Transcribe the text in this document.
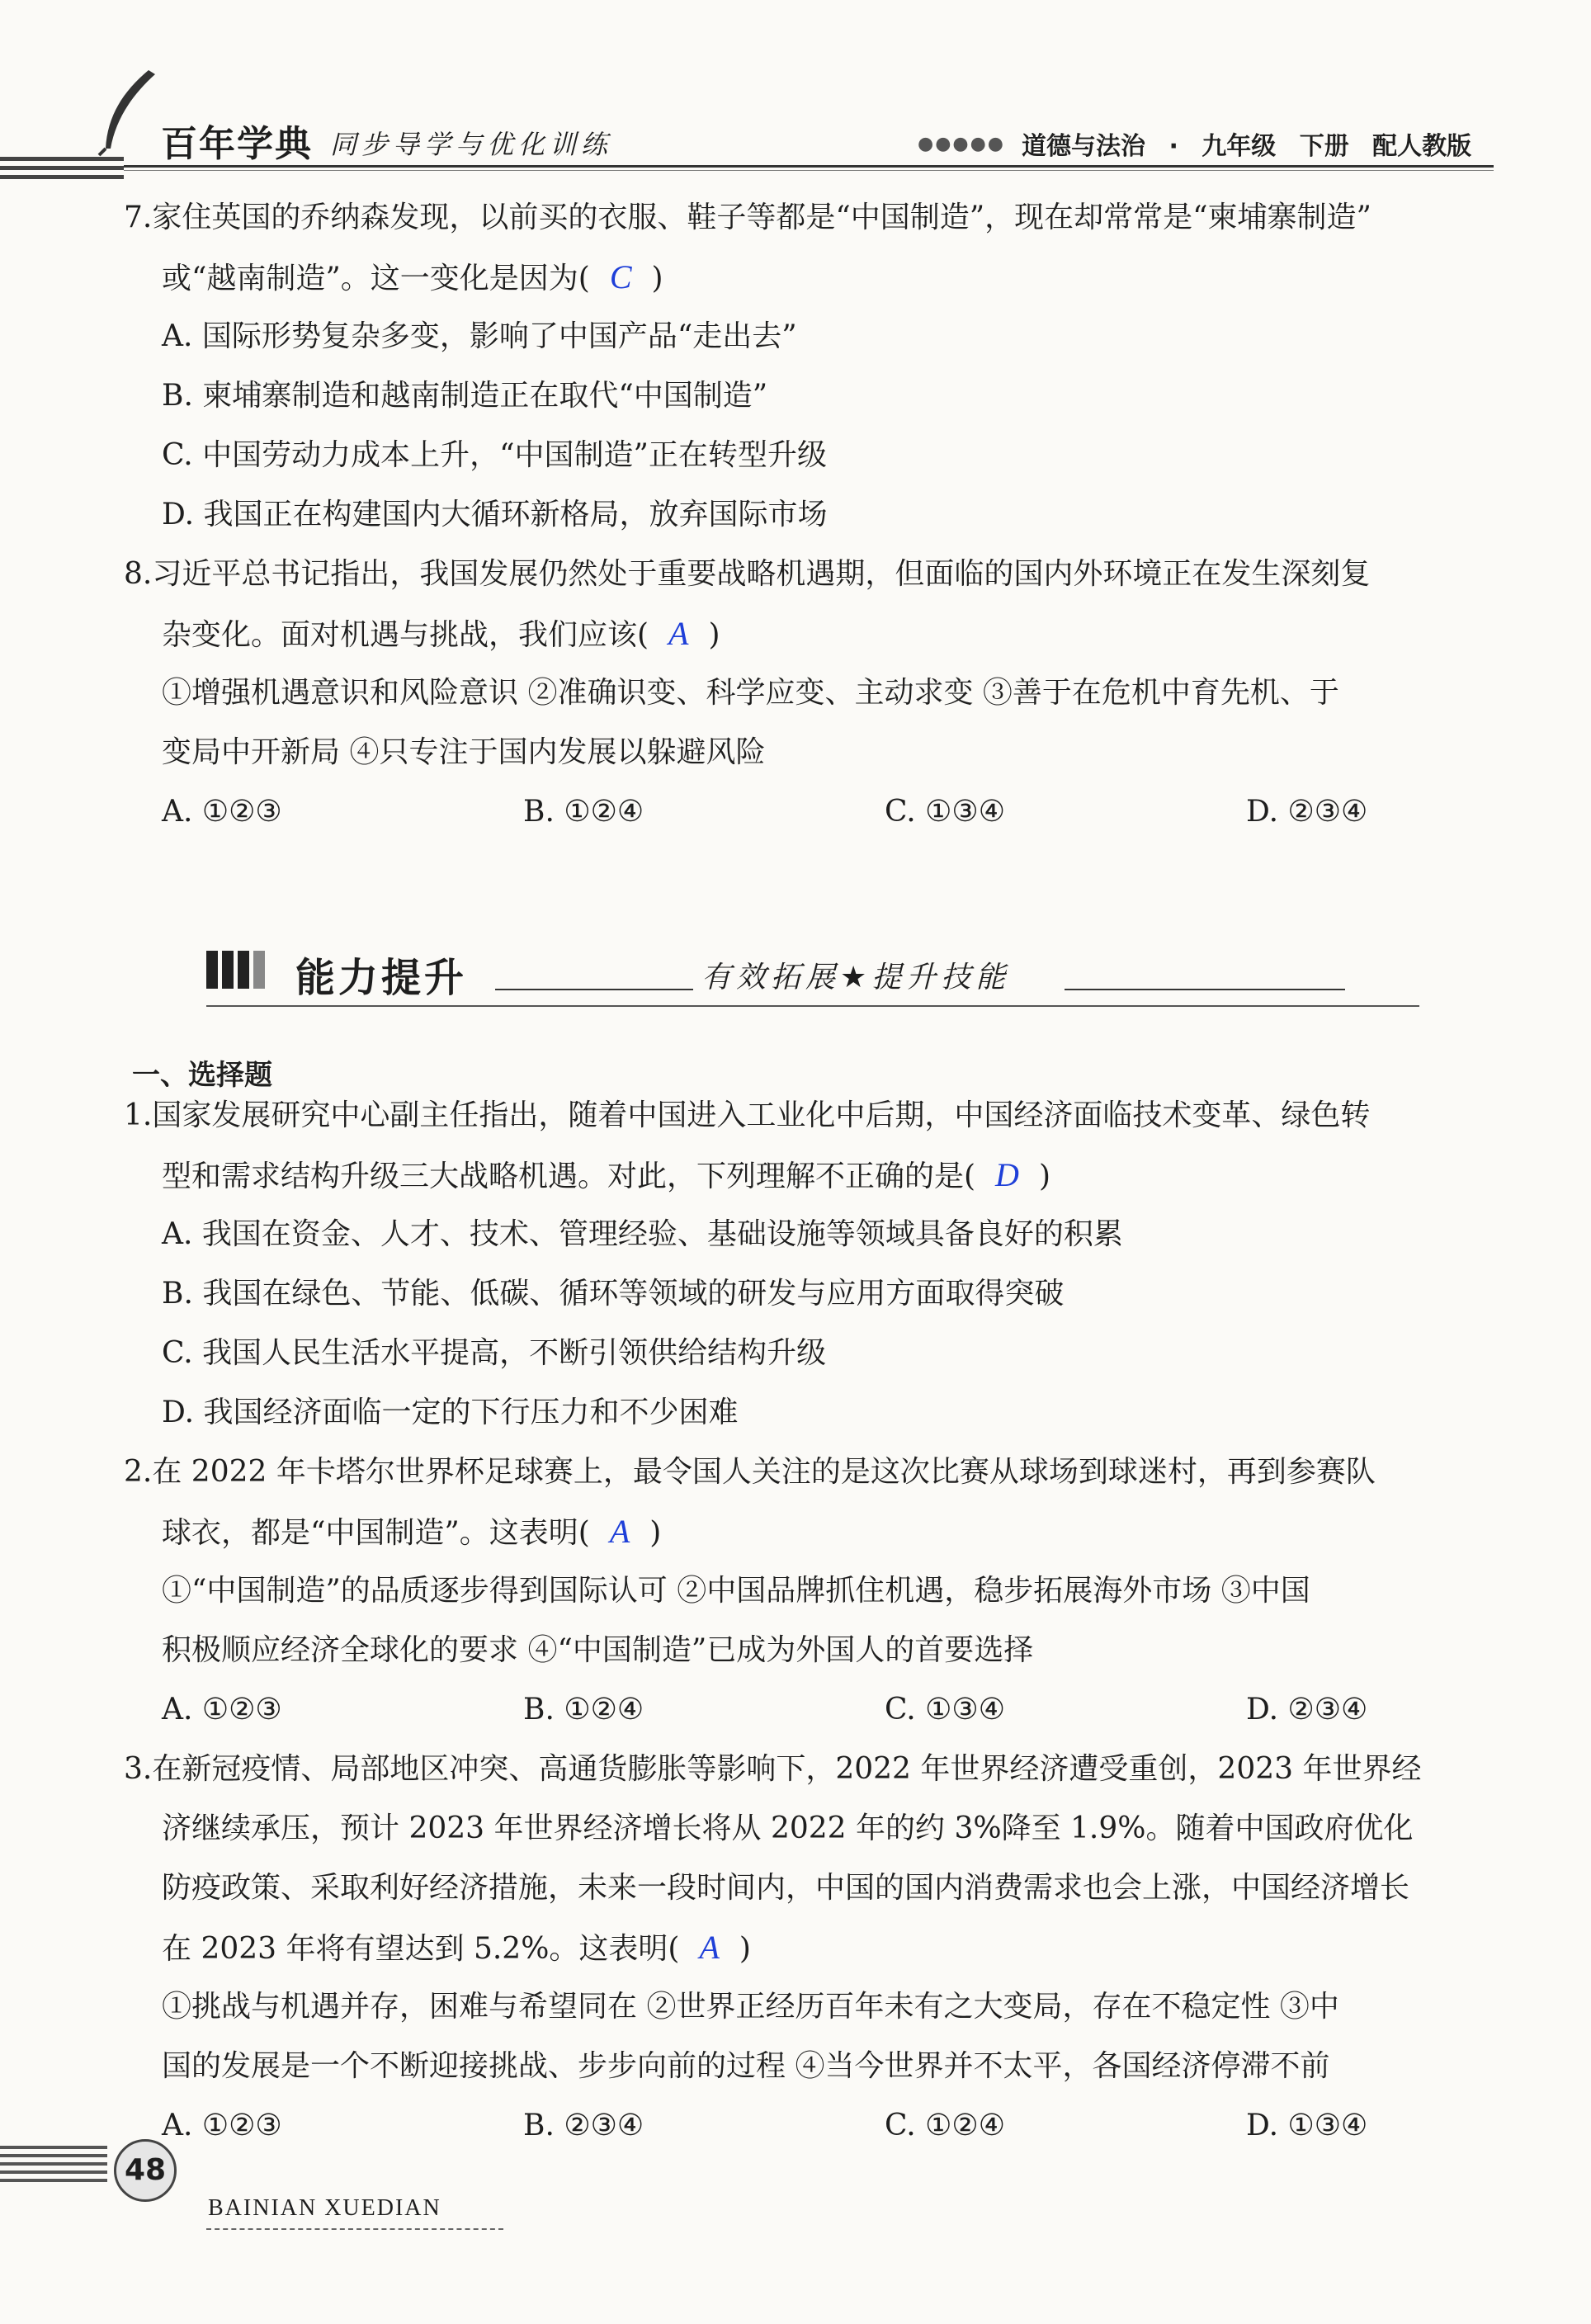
百年学典 同步导学与优化训练	●●●●● 道德与法治 · 九年级 下册 配人教版
7.家住英国的乔纳森发现，以前买的衣服、鞋子等都是“中国制造”，现在却常常是“柬埔寨制造”
或“越南制造”。这一变化是因为( C )
A. 国际形势复杂多变，影响了中国产品“走出去”
B. 柬埔寨制造和越南制造正在取代“中国制造”
C. 中国劳动力成本上升，“中国制造”正在转型升级
D. 我国正在构建国内大循环新格局，放弃国际市场
8.习近平总书记指出，我国发展仍然处于重要战略机遇期，但面临的国内外环境正在发生深刻复
杂变化。面对机遇与挑战，我们应该( A )
①增强机遇意识和风险意识 ②准确识变、科学应变、主动求变 ③善于在危机中育先机、于
变局中开新局 ④只专注于国内发展以躲避风险
A. ①②③	B. ①②④	C. ①③④	D. ②③④
能力提升	有效拓展★提升技能
一、选择题
1.国家发展研究中心副主任指出，随着中国进入工业化中后期，中国经济面临技术变革、绿色转
型和需求结构升级三大战略机遇。对此，下列理解不正确的是( D )
A. 我国在资金、人才、技术、管理经验、基础设施等领域具备良好的积累
B. 我国在绿色、节能、低碳、循环等领域的研发与应用方面取得突破
C. 我国人民生活水平提高，不断引领供给结构升级
D. 我国经济面临一定的下行压力和不少困难
2.在 2022 年卡塔尔世界杯足球赛上，最令国人关注的是这次比赛从球场到球迷村，再到参赛队
球衣，都是“中国制造”。这表明( A )
①“中国制造”的品质逐步得到国际认可 ②中国品牌抓住机遇，稳步拓展海外市场 ③中国
积极顺应经济全球化的要求 ④“中国制造”已成为外国人的首要选择
A. ①②③	B. ①②④	C. ①③④	D. ②③④
3.在新冠疫情、局部地区冲突、高通货膨胀等影响下，2022 年世界经济遭受重创，2023 年世界经
济继续承压，预计 2023 年世界经济增长将从 2022 年的约 3%降至 1.9%。随着中国政府优化
防疫政策、采取利好经济措施，未来一段时间内，中国的国内消费需求也会上涨，中国经济增长
在 2023 年将有望达到 5.2%。这表明( A )
①挑战与机遇并存，困难与希望同在 ②世界正经历百年未有之大变局，存在不稳定性 ③中
国的发展是一个不断迎接挑战、步步向前的过程 ④当今世界并不太平，各国经济停滞不前
A. ①②③	B. ②③④	C. ①②④	D. ①③④
48
BAINIAN XUEDIAN
